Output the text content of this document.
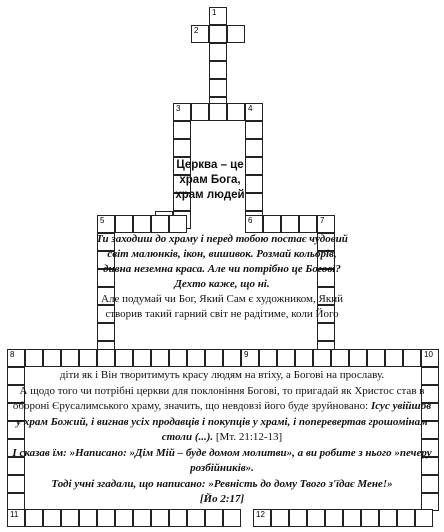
1
2
3	4
5	6	7
8	9	10
11	12
Церква – це храм Бога, храм людей
Ти заходиш до храму і перед тобою постає чудовий світ малюнків, ікон, вишивок. Розмай кольорів, дивна неземна краса. Але чи потрібно це Богові? Дехто каже, що ні.
Але подумай чи Бог, Який Сам є художником, Який створив такий гарний світ не радітиме, коли Його
діти як і Він творитимуть красу людям на втіху, а Богові на прославу.
А щодо того чи потрібні церкви для поклоніння Богові, то пригадай як Христос став в обороні Єрусалимського храму, значить, що невдовзі його буде зруйновано: Ісус увійшов у храм Божий, і вигнав усіх продавців і покупців у храмі, і поперевертав грошомінам столи (...). [Мт. 21:12-13]
І сказав їм: »Написано: »Дім Мій – буде домом молитви», а ви робите з нього »печеру розбійників».
Тоді учні згадали, що написано: »Ревність до дому Твого з'їдає Мене!»
[Йо 2:17]
